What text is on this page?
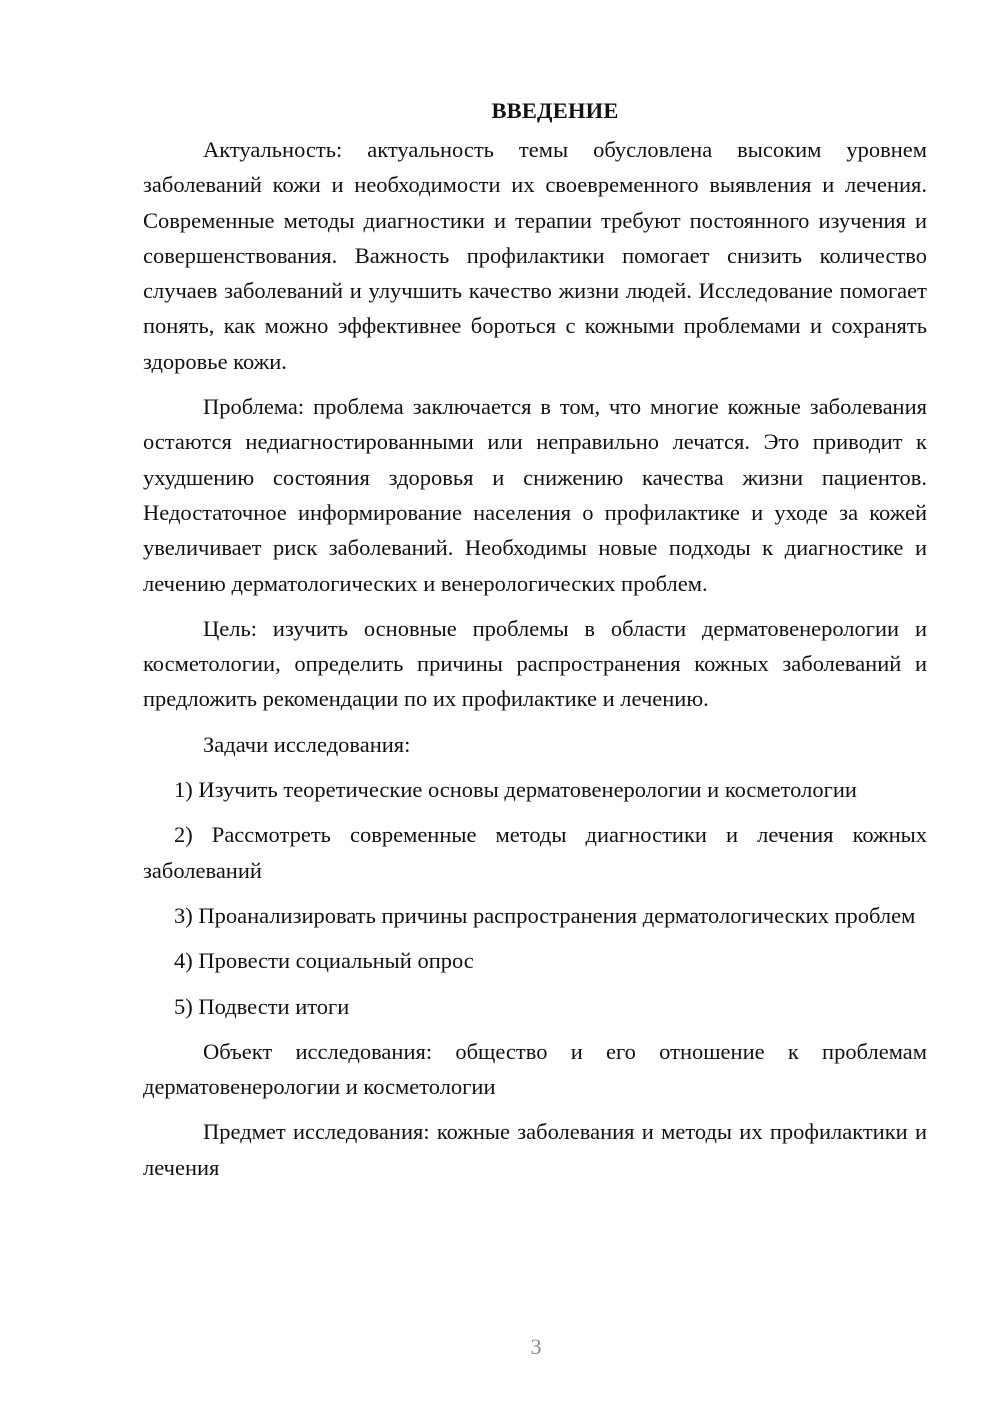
ВВЕДЕНИЕ

Актуальность: актуальность темы обусловлена высоким уровнем заболеваний кожи и необходимости их своевременного выявления и лечения. Современные методы диагностики и терапии требуют постоянного изучения и совершенствования. Важность профилактики помогает снизить количество случаев заболеваний и улучшить качество жизни людей. Исследование помогает понять, как можно эффективнее бороться с кожными проблемами и сохранять здоровье кожи.

Проблема: проблема заключается в том, что многие кожные заболевания остаются недиагностированными или неправильно лечатся. Это приводит к ухудшению состояния здоровья и снижению качества жизни пациентов. Недостаточное информирование населения о профилактике и уходе за кожей увеличивает риск заболеваний. Необходимы новые подходы к диагностике и лечению дерматологических и венерологических проблем.

Цель: изучить основные проблемы в области дерматовенерологии и косметологии, определить причины распространения кожных заболеваний и предложить рекомендации по их профилактике и лечению.

Задачи исследования:

1) Изучить теоретические основы дерматовенерологии и косметологии

2) Рассмотреть современные методы диагностики и лечения кожных заболеваний

3) Проанализировать причины распространения дерматологических проблем

4) Провести социальный опрос

5) Подвести итоги

Объект исследования: общество и его отношение к проблемам дерматовенерологии и косметологии

Предмет исследования: кожные заболевания и методы их профилактики и лечения

3
